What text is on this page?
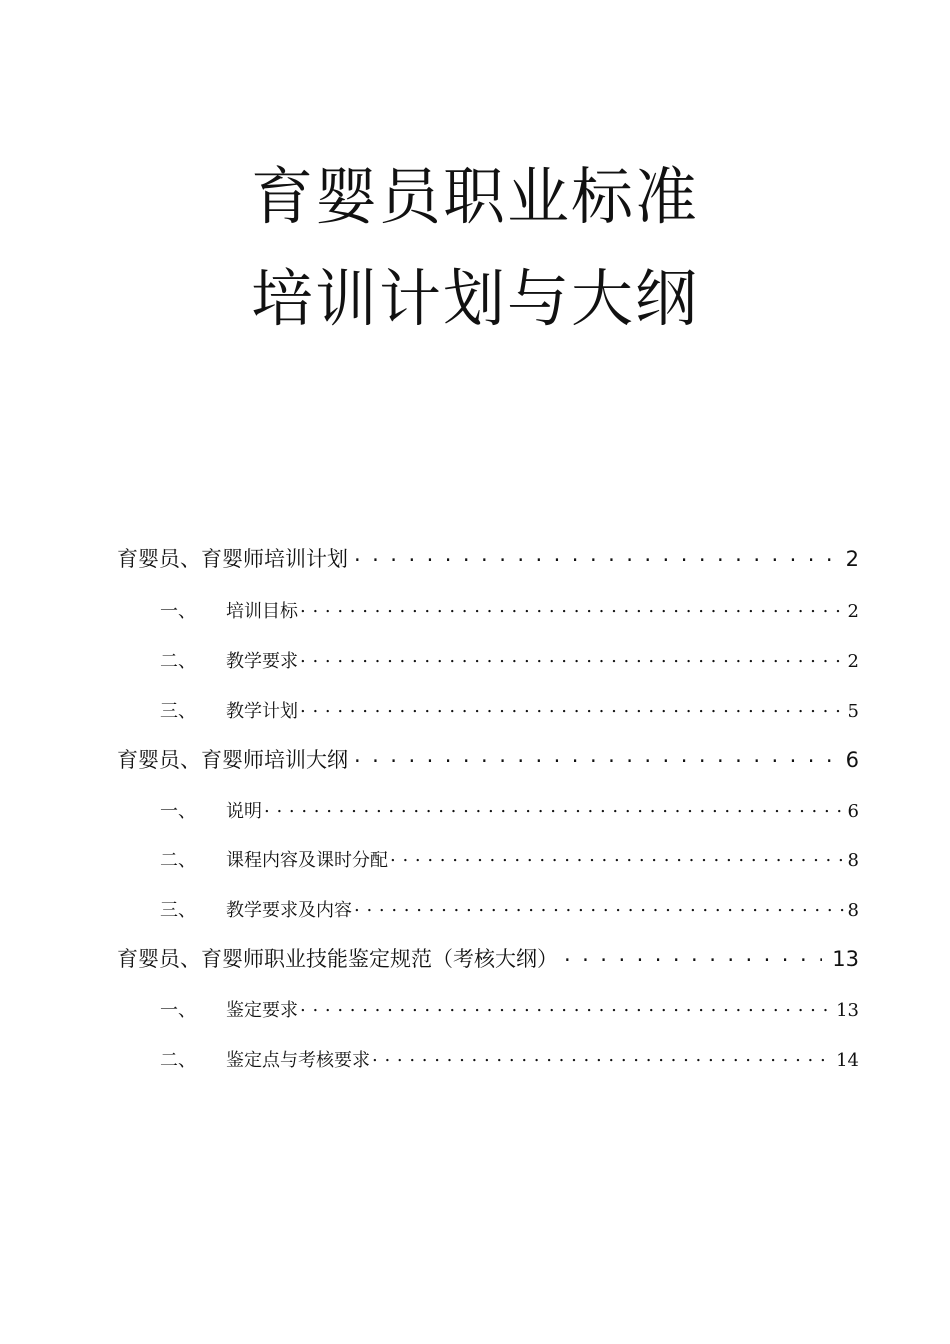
育婴员职业标准
培训计划与大纲
育婴员、育婴师培训计划 . . .	2
一、	培训目标 . . .	2
二、	教学要求 . . .	2
三、	教学计划 . . .	5
育婴员、育婴师培训大纲 . . .	6
一、	说明 . . .	6
二、	课程内容及课时分配 . . .	8
三、	教学要求及内容 . . .	8
育婴员、育婴师职业技能鉴定规范（考核大纲） . . .	13
一、	鉴定要求 . . .	13
二、	鉴定点与考核要求 . . .	14
